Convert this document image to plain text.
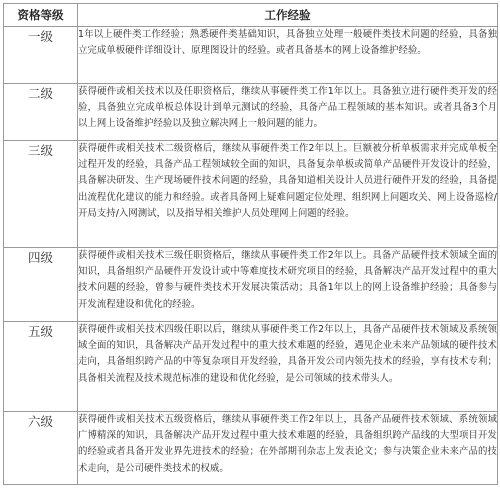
资格等级	工作经验
一级	1年以上硬件类工作经验；熟悉硬件类基础知识，具备独立处理一般硬件类技术问题的经验，具备独立完成单板硬件详细设计、原理图设计的经验。或者具备基本的网上设备维护经验。
二级	获得硬件或相关技术以及任职资格后，继续从事硬件类工作1年以上。具备独立进行硬件类开发的经验，具备独立完成单板总体设计到单元测试的经验，具备产品工程领域的基本知识。或者具备3个月以上网上设备维护经验以及独立解决网上一般问题的能力。
三级	获得硬件或相关技术二级资格后，继续从事硬件类工作2年以上。巨额被分析单板需求并完成单板全过程开发的经验，具备产品工程领域较全面的知识，具备复杂单板或简单产品硬件开发设计的经验，具备解决研发、生产现场硬件技术问题的经验，具备知道相关设计人员进行硬件开发的经验，具备提出流程优化建议的能力和经验。或者具备网上疑难问题定位处理、组织网上问题攻关、网上设备巡检/开局支持/入网测试，以及指导相关维护人员处理网上问题的经验。
四级	获得硬件或相关技术三级任职资格后，继续从事硬件类工作2年以上。具备产品硬件技术领域全面的知识，具备组织产品硬件开发设计或中等难度技术研究项目的经验，具备解决产品开发过程中的重大技术问题的经验，曾参与硬件类技术开发展决策活动；具备1年以上的网上设备维护经验；具备参与开发流程建设和优化的经验。
五级	获得硬件或相关技术四级任职以后，继续从事硬件类工作2年以上，具备产品硬件技术领域及系统领域全面的知识，具备解决产品开发过程中的重大技术难题的经验，遇见企业未来产品领域的硬件技术走向，具备组织跨产品的中等复杂项目开发经验，具备开发公司内领先技术的经验，享有技术专利；具备相关流程及技术规范标准的建设和优化经验，是公司领域的技术带头人。
六级	获得硬件或相关技术五级资格后，继续从事硬件类工作2年以上，具备产品硬件技术领域、系统领域广博精深的知识，具备解决产品开发过程中重大技术难题的经验，具备组织跨产品线的大型项目开发的经验或者具备开发业界先进技术的经验；在外部期刊杂志上发表论文；参与决策企业未来产品的技术走向，是公司硬件类技术的权威。
